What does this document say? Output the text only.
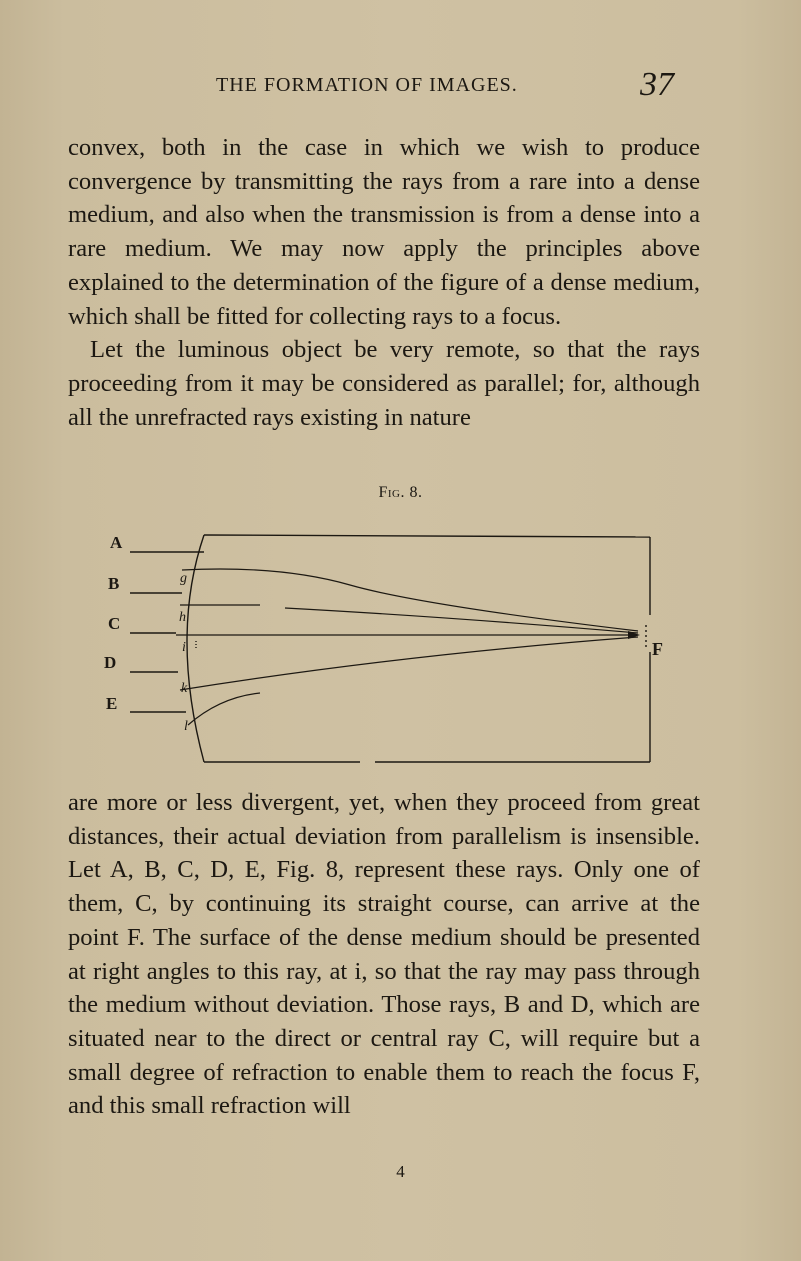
THE FORMATION OF IMAGES.	37

convex, both in the case in which we wish to produce convergence by transmitting the rays from a rare into a dense medium, and also when the transmission is from a dense into a rare medium. We may now apply the principles above explained to the determination of the figure of a dense medium, which shall be fitted for collecting rays to a focus.

Let the luminous object be very remote, so that the rays proceeding from it may be considered as parallel; for, although all the unrefracted rays existing in nature

Fig. 8.
A
B
C
D
E
g
h
i
k
l
F

are more or less divergent, yet, when they proceed from great distances, their actual deviation from parallelism is insensible. Let A, B, C, D, E, Fig. 8, represent these rays. Only one of them, C, by continuing its straight course, can arrive at the point F. The surface of the dense medium should be presented at right angles to this ray, at i, so that the ray may pass through the medium without deviation. Those rays, B and D, which are situated near to the direct or central ray C, will require but a small degree of refraction to enable them to reach the focus F, and this small refraction will

4
